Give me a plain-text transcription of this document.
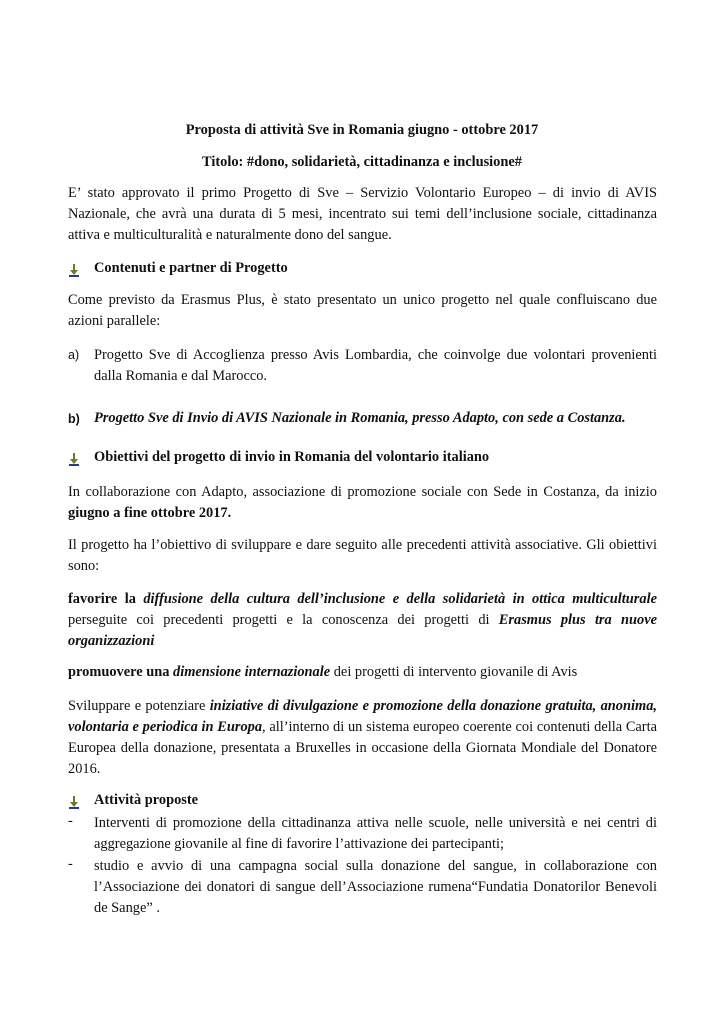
Proposta di attività Sve in Romania giugno - ottobre 2017
Titolo: #dono, solidarietà, cittadinanza e inclusione#
E’ stato approvato il primo Progetto di Sve – Servizio Volontario Europeo – di invio di AVIS Nazionale, che avrà una durata di 5 mesi, incentrato sui temi dell’inclusione sociale, cittadinanza attiva e multiculturalità e naturalmente dono del sangue.
Contenuti e partner di Progetto
Come previsto da Erasmus Plus, è stato presentato un unico progetto nel quale confluiscano due azioni parallele:
a) Progetto Sve di Accoglienza presso Avis Lombardia, che coinvolge due volontari provenienti dalla Romania e dal Marocco.
b) Progetto Sve di Invio di AVIS Nazionale in Romania, presso Adapto, con sede a Costanza.
Obiettivi del progetto di invio in Romania del volontario italiano
In collaborazione con Adapto, associazione di promozione sociale con Sede in Costanza, da inizio giugno a fine ottobre 2017.
Il progetto ha l’obiettivo di sviluppare e dare seguito alle precedenti attività associative. Gli obiettivi sono:
favorire la diffusione della cultura dell’inclusione e della solidarietà in ottica multiculturale perseguite coi precedenti progetti e la conoscenza dei progetti di Erasmus plus tra nuove organizzazioni
promuovere una dimensione internazionale dei progetti di intervento giovanile di Avis
Sviluppare e potenziare iniziative di divulgazione e promozione della donazione gratuita, anonima, volontaria e periodica in Europa, all’interno di un sistema europeo coerente coi contenuti della Carta Europea della donazione, presentata a Bruxelles in occasione della Giornata Mondiale del Donatore 2016.
Attività proposte
- Interventi di promozione della cittadinanza attiva nelle scuole, nelle università e nei centri di aggregazione giovanile al fine di favorire l’attivazione dei partecipanti;
- studio e avvio di una campagna social sulla donazione del sangue, in collaborazione con l’Associazione dei donatori di sangue dell’Associazione rumena“Fundatia Donatorilor Benevoli de Sange” .
